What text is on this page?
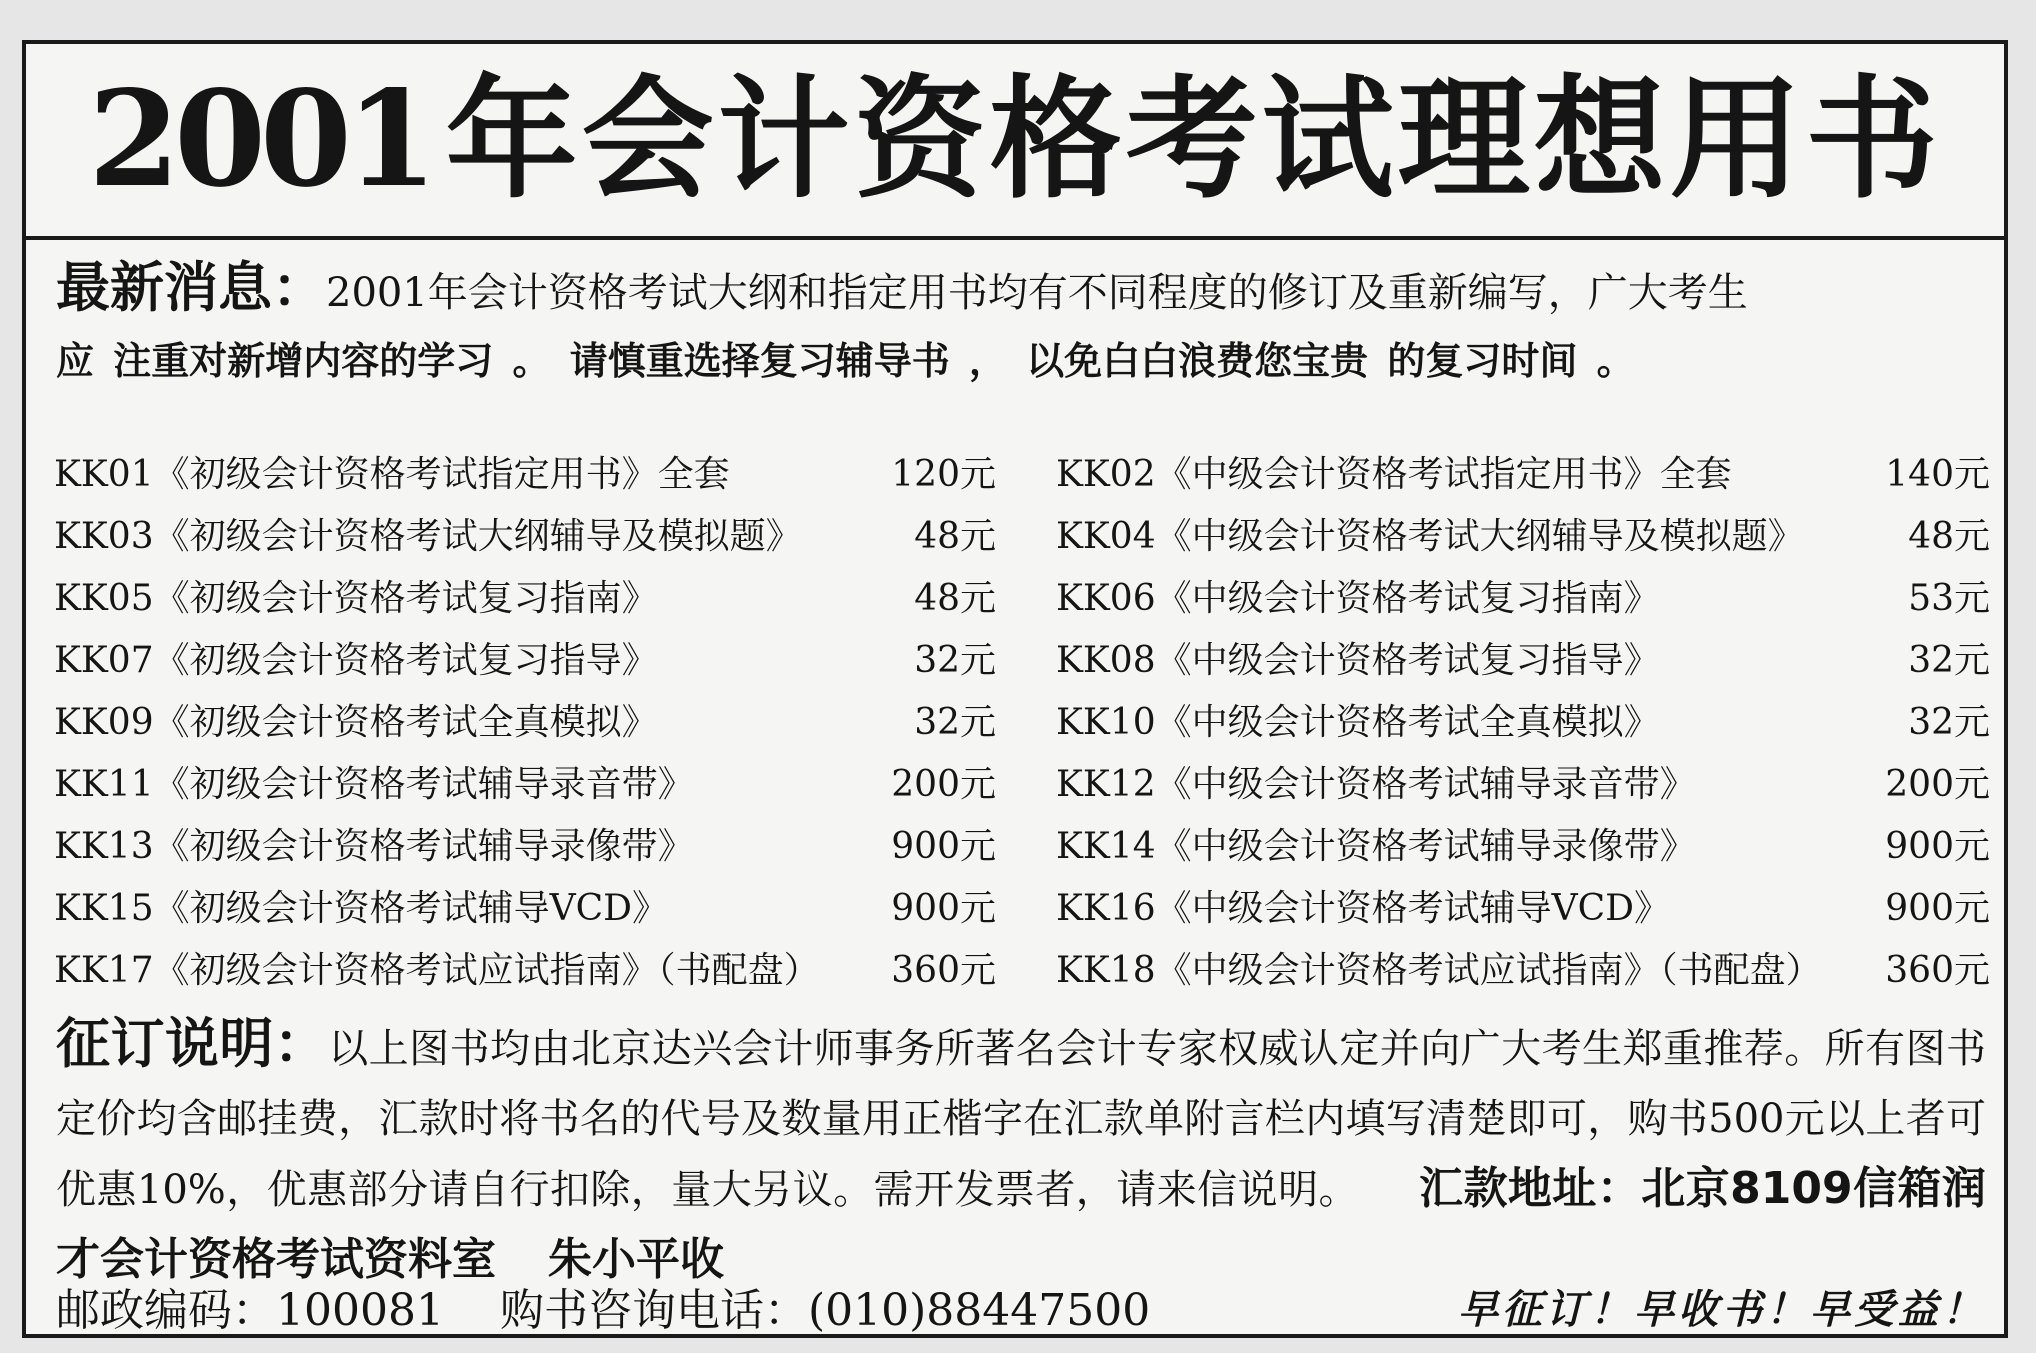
2001 年会计资格考试理想用书
最新消息：2001年会计资格考试大纲和指定用书均有不同程度的修订及重新编写，广大考生
应 注重对新增内容的学习 。 请慎重选择复习辅导书 ， 以免白白浪费您宝贵 的复习时间 。
KK01《初级会计资格考试指定用书》全套	120元 KK02《中级会计资格考试指定用书》全套	140元
KK03《初级会计资格考试大纲辅导及模拟题》	48元 KK04《中级会计资格考试大纲辅导及模拟题》	48元
KK05《初级会计资格考试复习指南》	48元 KK06《中级会计资格考试复习指南》	53元
KK07《初级会计资格考试复习指导》	32元 KK08《中级会计资格考试复习指导》	32元
KK09《初级会计资格考试全真模拟》	32元 KK10《中级会计资格考试全真模拟》	32元
KK11《初级会计资格考试辅导录音带》	200元 KK12《中级会计资格考试辅导录音带》	200元
KK13《初级会计资格考试辅导录像带》	900元 KK14《中级会计资格考试辅导录像带》	900元
KK15《初级会计资格考试辅导VCD》	900元 KK16《中级会计资格考试辅导VCD》	900元
KK17《初级会计资格考试应试指南》（书配盘） 360元 KK18《中级会计资格考试应试指南》（书配盘） 360元
征订说明：以上图书均由北京达兴会计师事务所著名会计专家权威认定并向广大考生郑重推荐。所有图书定价均含邮挂费，汇款时将书名的代号及数量用正楷字在汇款单附言栏内填写清楚即可，购书500元以上者可优惠10%，优惠部分请自行扣除，量大另议。需开发票者，请来信说明。 汇款地址：北京8109信箱润才会计资格考试资料室 朱小平收
邮政编码：100081 购书咨询电话：(010)88447500	早征订！早收书！早受益！
